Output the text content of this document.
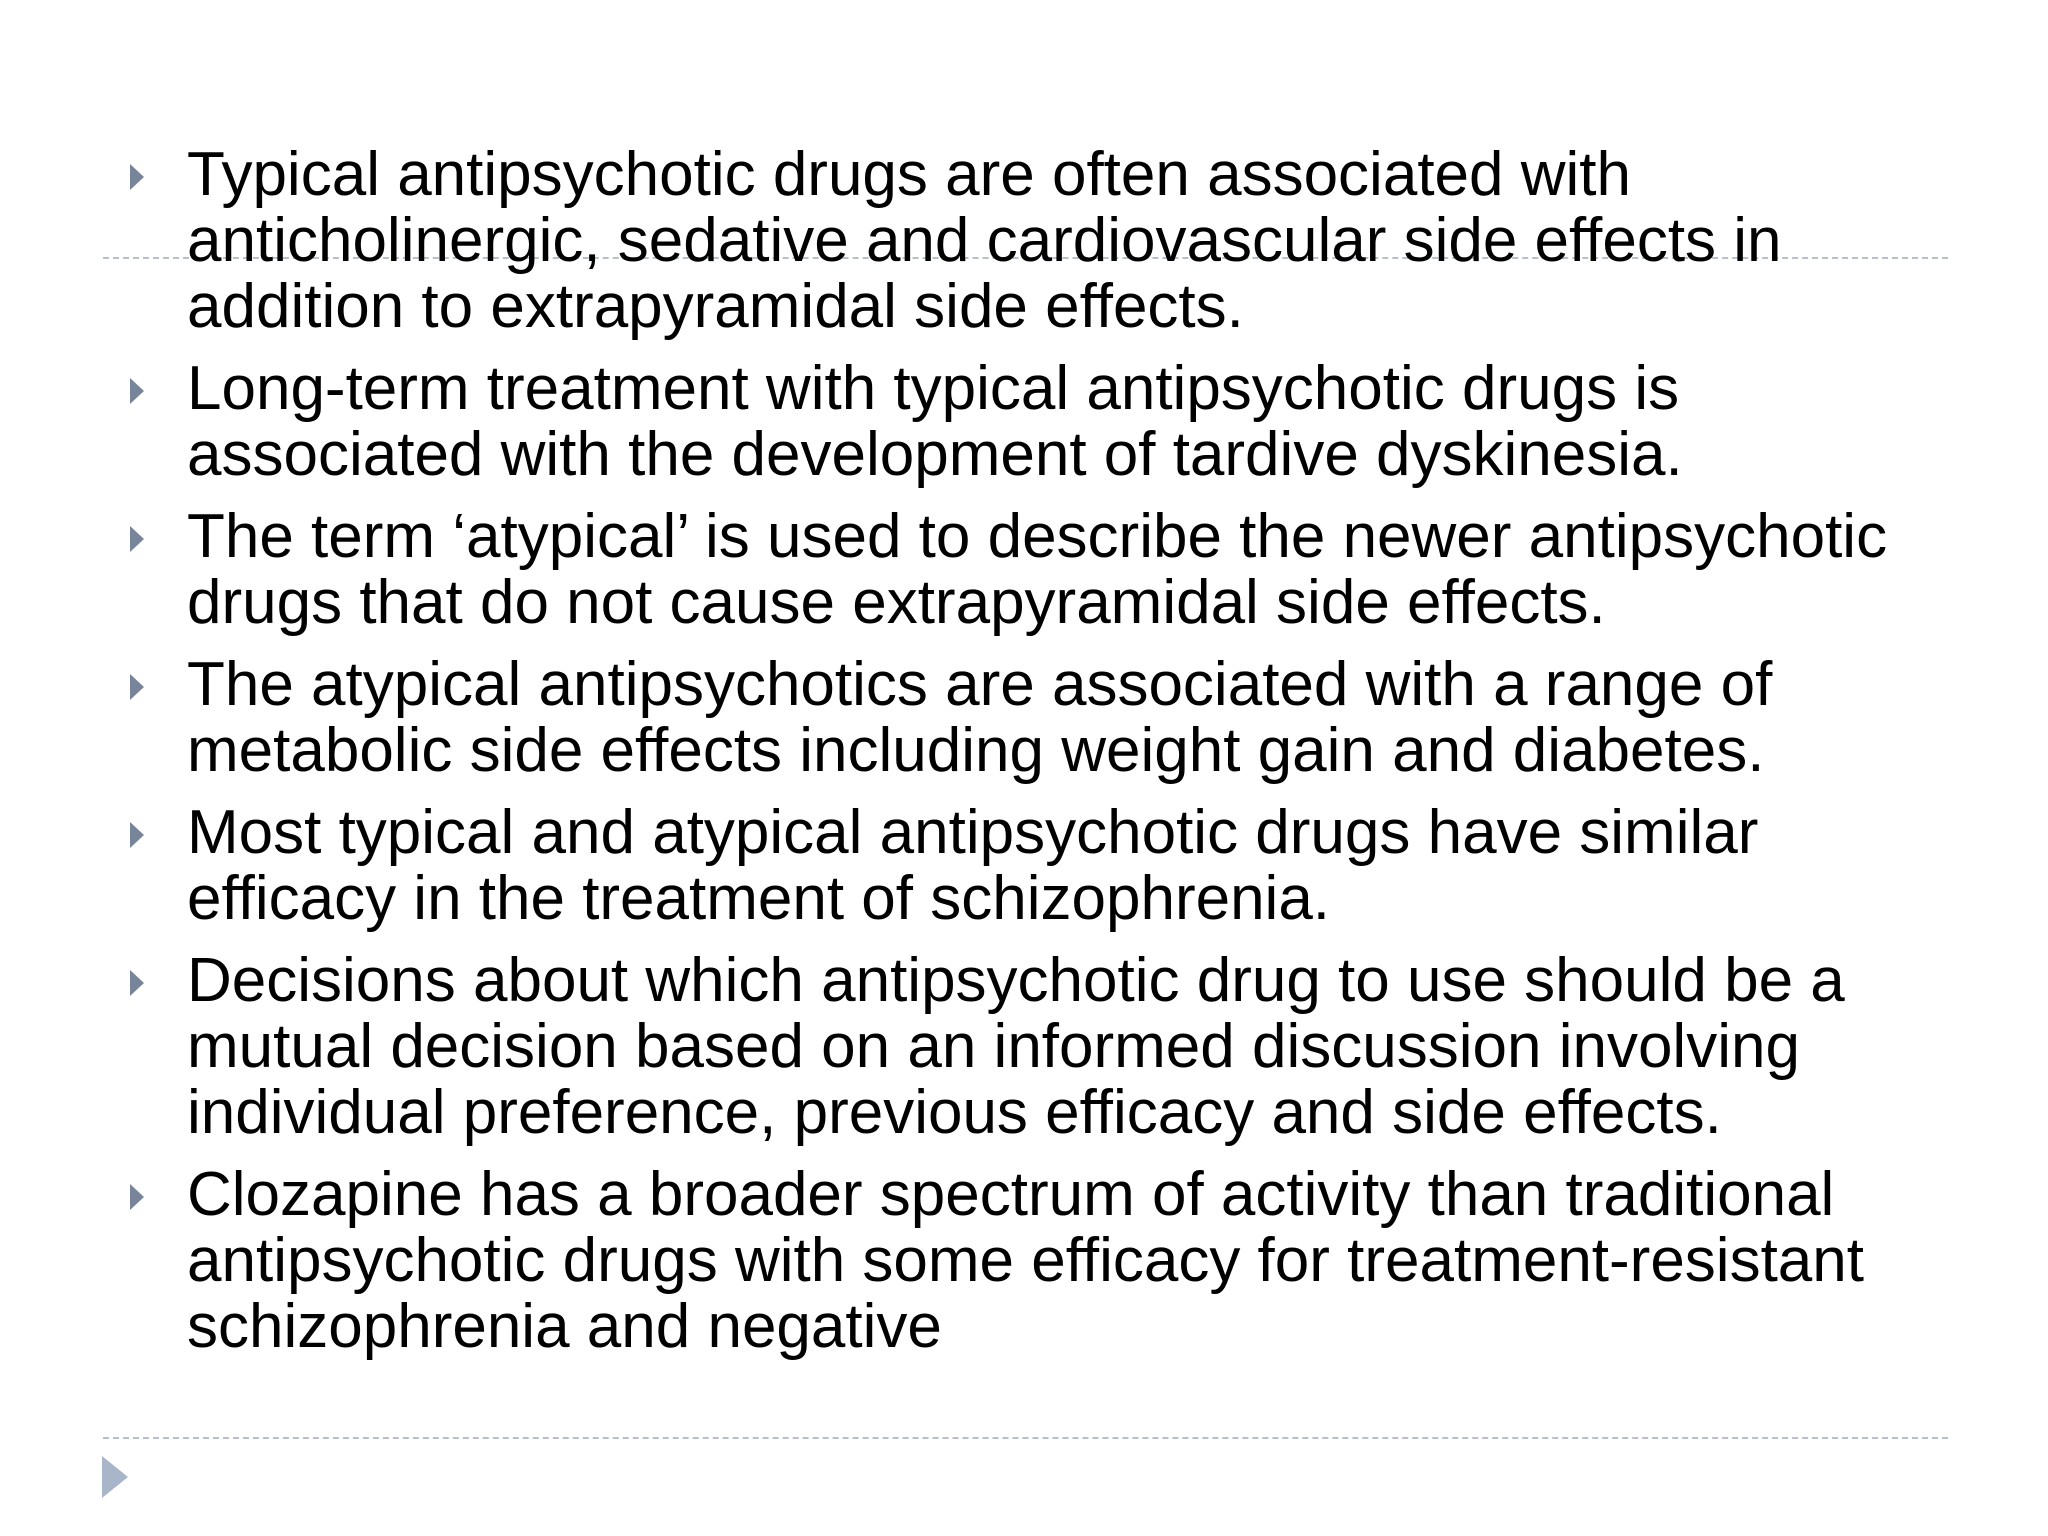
Typical antipsychotic drugs are often associated with anticholinergic, sedative and cardiovascular side effects in addition to extrapyramidal side effects.
Long-term treatment with typical antipsychotic drugs is associated with the development of tardive dyskinesia.
The term ‘atypical’ is used to describe the newer antipsychotic drugs that do not cause extrapyramidal side effects.
The atypical antipsychotics are associated with a range of metabolic side effects including weight gain and diabetes.
Most typical and atypical antipsychotic drugs have similar efficacy in the treatment of schizophrenia.
Decisions about which antipsychotic drug to use should be a mutual decision based on an informed discussion involving individual preference, previous efficacy and side effects.
Clozapine has a broader spectrum of activity than traditional antipsychotic drugs with some efficacy for treatment-resistant schizophrenia and negative
